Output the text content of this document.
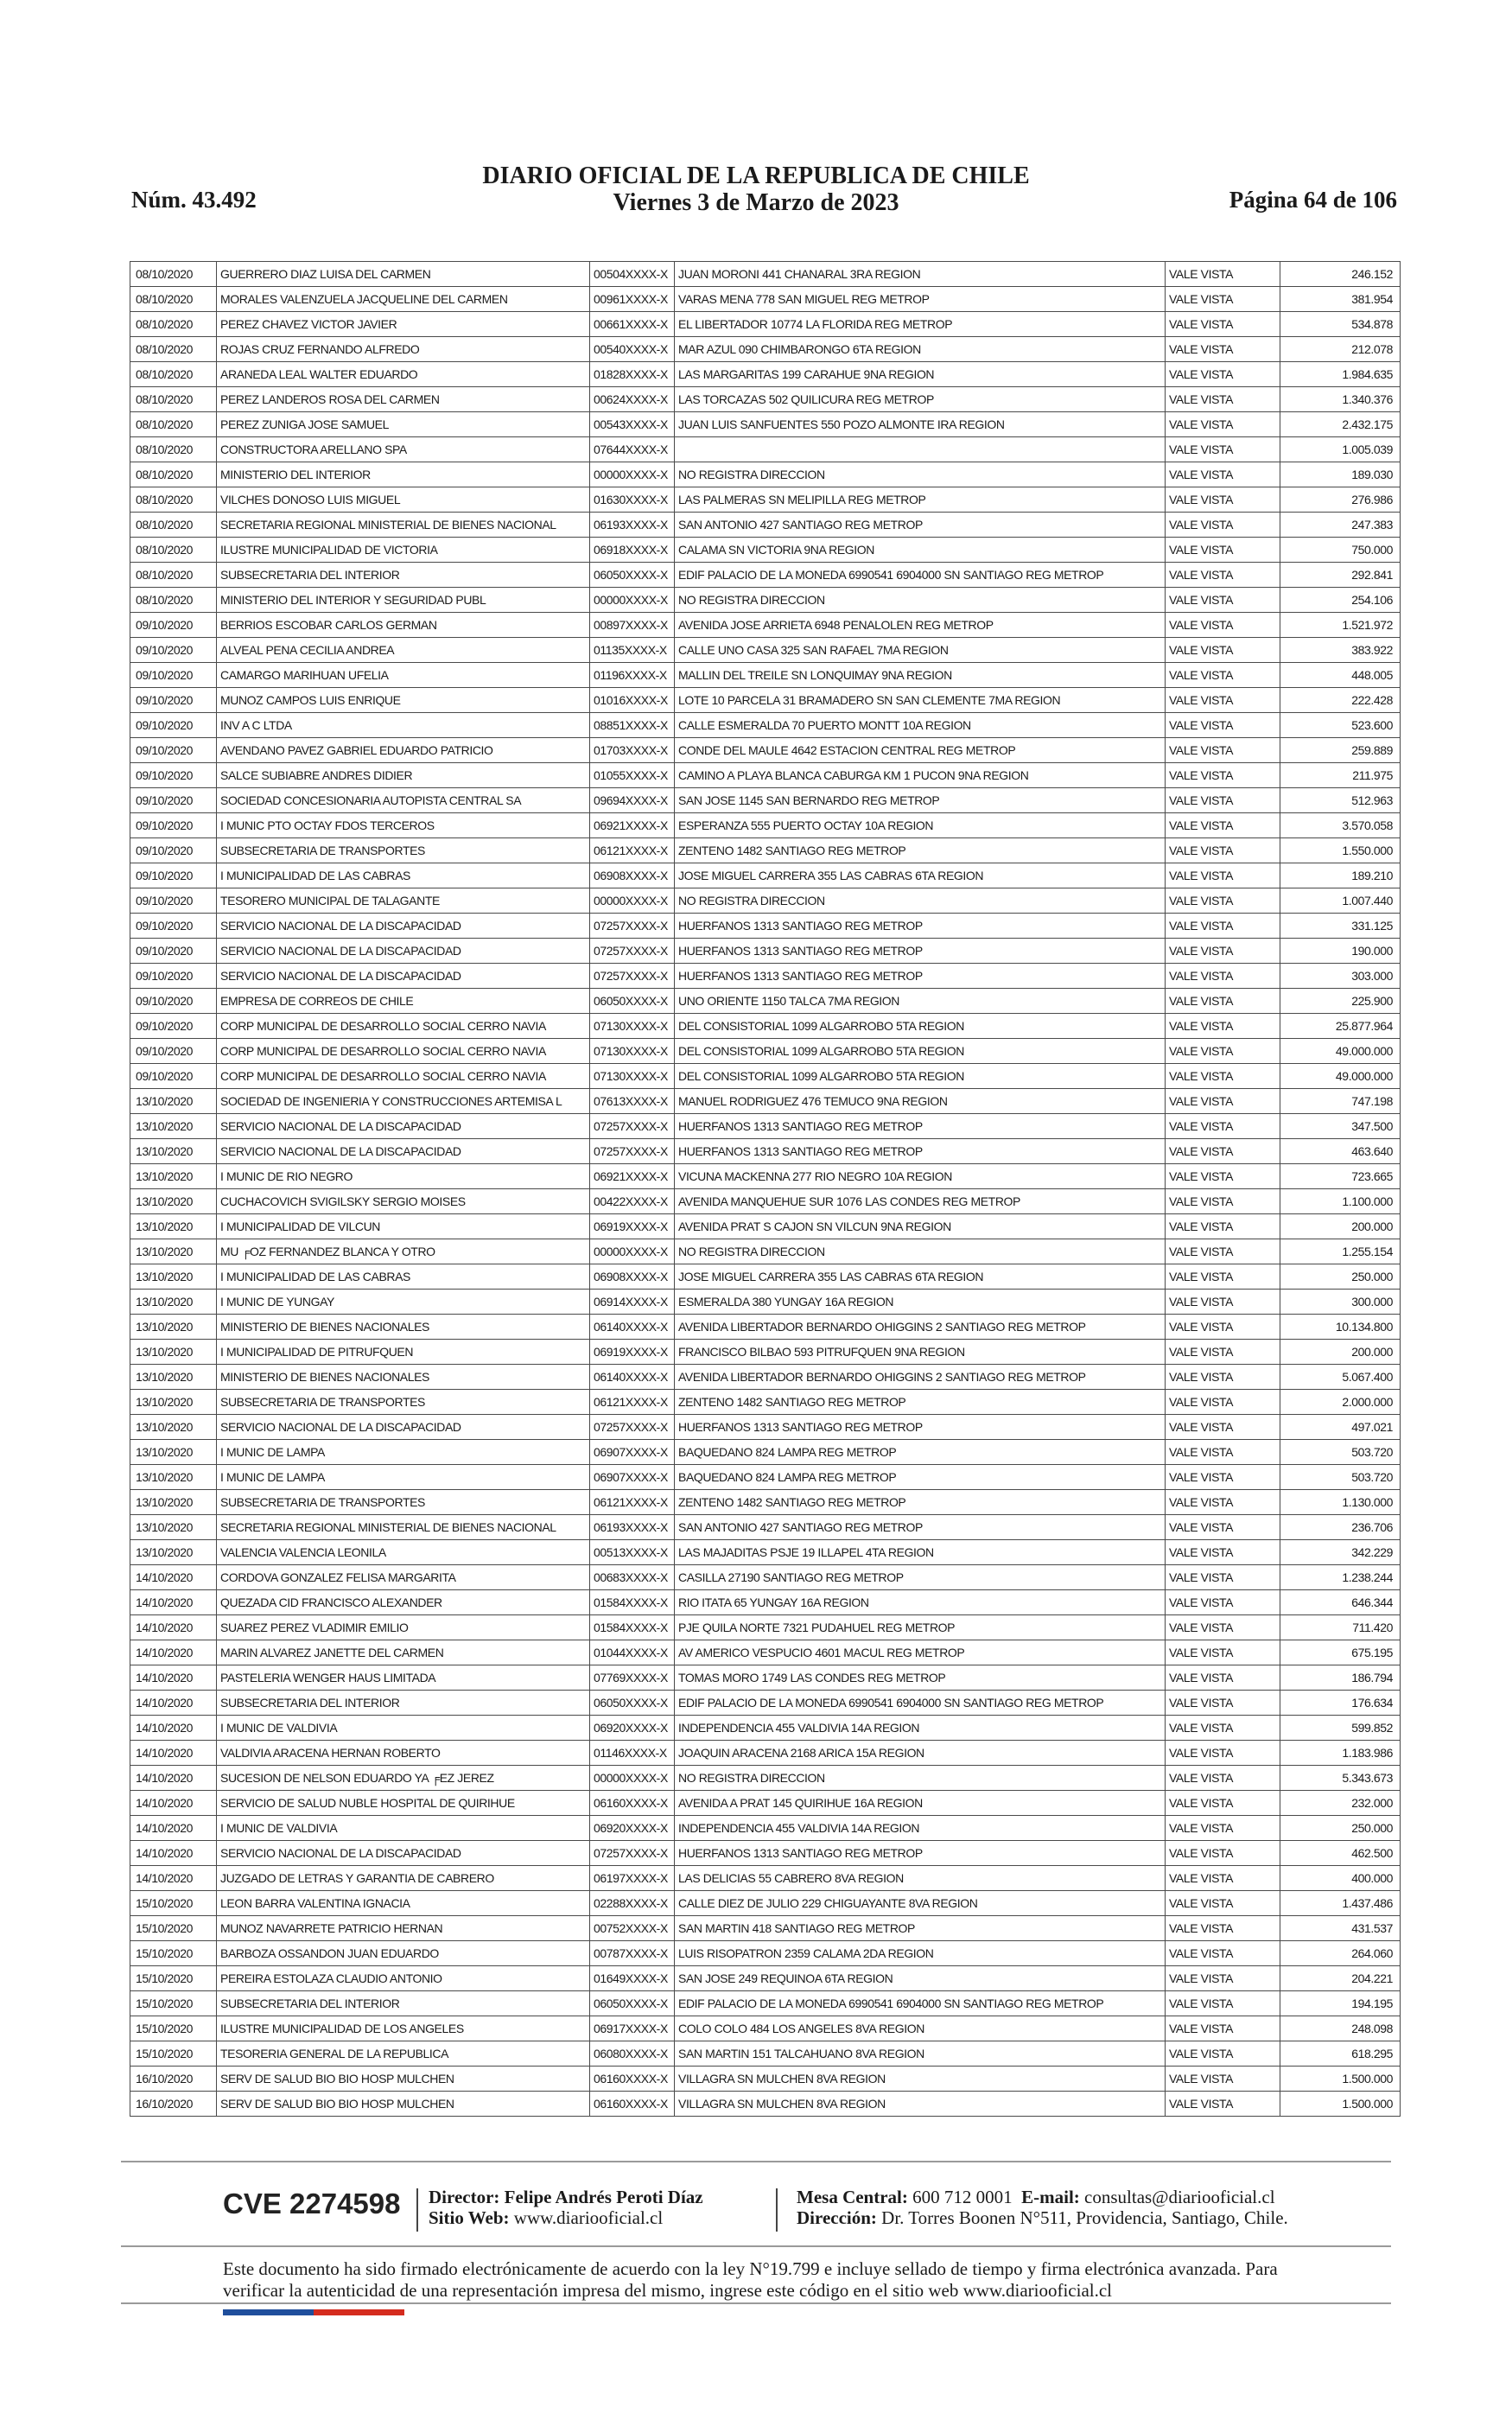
Núm. 43.492
DIARIO OFICIAL DE LA REPUBLICA DE CHILE
Viernes 3 de Marzo de 2023	Página 64 de 106
08/10/2020	GUERRERO DIAZ LUISA DEL CARMEN	00504XXXX-X	JUAN MORONI 441 CHANARAL 3RA REGION	VALE VISTA	246.152
08/10/2020	MORALES VALENZUELA JACQUELINE DEL CARMEN	00961XXXX-X	VARAS MENA 778 SAN MIGUEL REG METROP	VALE VISTA	381.954
08/10/2020	PEREZ CHAVEZ VICTOR JAVIER	00661XXXX-X	EL LIBERTADOR 10774 LA FLORIDA REG METROP	VALE VISTA	534.878
08/10/2020	ROJAS CRUZ FERNANDO ALFREDO	00540XXXX-X	MAR AZUL 090 CHIMBARONGO 6TA REGION	VALE VISTA	212.078
08/10/2020	ARANEDA LEAL WALTER EDUARDO	01828XXXX-X	LAS MARGARITAS 199 CARAHUE 9NA REGION	VALE VISTA	1.984.635
08/10/2020	PEREZ LANDEROS ROSA DEL CARMEN	00624XXXX-X	LAS TORCAZAS 502 QUILICURA REG METROP	VALE VISTA	1.340.376
08/10/2020	PEREZ ZUNIGA JOSE SAMUEL	00543XXXX-X	JUAN LUIS SANFUENTES 550 POZO ALMONTE IRA REGION	VALE VISTA	2.432.175
08/10/2020	CONSTRUCTORA ARELLANO SPA	07644XXXX-X		VALE VISTA	1.005.039
08/10/2020	MINISTERIO DEL INTERIOR	00000XXXX-X	NO REGISTRA DIRECCION	VALE VISTA	189.030
08/10/2020	VILCHES DONOSO LUIS MIGUEL	01630XXXX-X	LAS PALMERAS SN MELIPILLA REG METROP	VALE VISTA	276.986
08/10/2020	SECRETARIA REGIONAL MINISTERIAL DE BIENES NACIONAL	06193XXXX-X	SAN ANTONIO 427 SANTIAGO REG METROP	VALE VISTA	247.383
08/10/2020	ILUSTRE MUNICIPALIDAD DE VICTORIA	06918XXXX-X	CALAMA SN VICTORIA 9NA REGION	VALE VISTA	750.000
08/10/2020	SUBSECRETARIA DEL INTERIOR	06050XXXX-X	EDIF PALACIO DE LA MONEDA 6990541 6904000 SN SANTIAGO REG METROP	VALE VISTA	292.841
08/10/2020	MINISTERIO DEL INTERIOR Y SEGURIDAD PUBL	00000XXXX-X	NO REGISTRA DIRECCION	VALE VISTA	254.106
09/10/2020	BERRIOS ESCOBAR CARLOS GERMAN	00897XXXX-X	AVENIDA JOSE ARRIETA 6948 PENALOLEN REG METROP	VALE VISTA	1.521.972
09/10/2020	ALVEAL PENA CECILIA ANDREA	01135XXXX-X	CALLE UNO CASA 325 SAN RAFAEL 7MA REGION	VALE VISTA	383.922
09/10/2020	CAMARGO MARIHUAN UFELIA	01196XXXX-X	MALLIN DEL TREILE SN LONQUIMAY 9NA REGION	VALE VISTA	448.005
09/10/2020	MUNOZ CAMPOS LUIS ENRIQUE	01016XXXX-X	LOTE 10 PARCELA 31 BRAMADERO SN SAN CLEMENTE 7MA REGION	VALE VISTA	222.428
09/10/2020	INV A C LTDA	08851XXXX-X	CALLE ESMERALDA 70 PUERTO MONTT 10A REGION	VALE VISTA	523.600
09/10/2020	AVENDANO PAVEZ GABRIEL EDUARDO PATRICIO	01703XXXX-X	CONDE DEL MAULE 4642 ESTACION CENTRAL REG METROP	VALE VISTA	259.889
09/10/2020	SALCE SUBIABRE ANDRES DIDIER	01055XXXX-X	CAMINO A PLAYA BLANCA CABURGA KM 1 PUCON 9NA REGION	VALE VISTA	211.975
09/10/2020	SOCIEDAD CONCESIONARIA AUTOPISTA CENTRAL SA	09694XXXX-X	SAN JOSE 1145 SAN BERNARDO REG METROP	VALE VISTA	512.963
09/10/2020	I MUNIC PTO OCTAY FDOS TERCEROS	06921XXXX-X	ESPERANZA 555 PUERTO OCTAY 10A REGION	VALE VISTA	3.570.058
09/10/2020	SUBSECRETARIA DE TRANSPORTES	06121XXXX-X	ZENTENO 1482 SANTIAGO REG METROP	VALE VISTA	1.550.000
09/10/2020	I MUNICIPALIDAD DE LAS CABRAS	06908XXXX-X	JOSE MIGUEL CARRERA 355 LAS CABRAS 6TA REGION	VALE VISTA	189.210
09/10/2020	TESORERO MUNICIPAL DE TALAGANTE	00000XXXX-X	NO REGISTRA DIRECCION	VALE VISTA	1.007.440
09/10/2020	SERVICIO NACIONAL DE LA DISCAPACIDAD	07257XXXX-X	HUERFANOS 1313 SANTIAGO REG METROP	VALE VISTA	331.125
09/10/2020	SERVICIO NACIONAL DE LA DISCAPACIDAD	07257XXXX-X	HUERFANOS 1313 SANTIAGO REG METROP	VALE VISTA	190.000
09/10/2020	SERVICIO NACIONAL DE LA DISCAPACIDAD	07257XXXX-X	HUERFANOS 1313 SANTIAGO REG METROP	VALE VISTA	303.000
09/10/2020	EMPRESA DE CORREOS DE CHILE	06050XXXX-X	UNO ORIENTE 1150 TALCA 7MA REGION	VALE VISTA	225.900
09/10/2020	CORP MUNICIPAL DE DESARROLLO SOCIAL CERRO NAVIA	07130XXXX-X	DEL CONSISTORIAL 1099 ALGARROBO 5TA REGION	VALE VISTA	25.877.964
09/10/2020	CORP MUNICIPAL DE DESARROLLO SOCIAL CERRO NAVIA	07130XXXX-X	DEL CONSISTORIAL 1099 ALGARROBO 5TA REGION	VALE VISTA	49.000.000
09/10/2020	CORP MUNICIPAL DE DESARROLLO SOCIAL CERRO NAVIA	07130XXXX-X	DEL CONSISTORIAL 1099 ALGARROBO 5TA REGION	VALE VISTA	49.000.000
13/10/2020	SOCIEDAD DE INGENIERIA Y CONSTRUCCIONES ARTEMISA L	07613XXXX-X	MANUEL RODRIGUEZ 476 TEMUCO 9NA REGION	VALE VISTA	747.198
13/10/2020	SERVICIO NACIONAL DE LA DISCAPACIDAD	07257XXXX-X	HUERFANOS 1313 SANTIAGO REG METROP	VALE VISTA	347.500
13/10/2020	SERVICIO NACIONAL DE LA DISCAPACIDAD	07257XXXX-X	HUERFANOS 1313 SANTIAGO REG METROP	VALE VISTA	463.640
13/10/2020	I MUNIC DE RIO NEGRO	06921XXXX-X	VICUNA MACKENNA 277 RIO NEGRO 10A REGION	VALE VISTA	723.665
13/10/2020	CUCHACOVICH SVIGILSKY SERGIO MOISES	00422XXXX-X	AVENIDA MANQUEHUE SUR 1076 LAS CONDES REG METROP	VALE VISTA	1.100.000
13/10/2020	I MUNICIPALIDAD DE VILCUN	06919XXXX-X	AVENIDA PRAT S CAJON SN VILCUN 9NA REGION	VALE VISTA	200.000
13/10/2020	MU ╒OZ FERNANDEZ BLANCA Y OTRO	00000XXXX-X	NO REGISTRA DIRECCION	VALE VISTA	1.255.154
13/10/2020	I MUNICIPALIDAD DE LAS CABRAS	06908XXXX-X	JOSE MIGUEL CARRERA 355 LAS CABRAS 6TA REGION	VALE VISTA	250.000
13/10/2020	I MUNIC DE YUNGAY	06914XXXX-X	ESMERALDA 380 YUNGAY 16A REGION	VALE VISTA	300.000
13/10/2020	MINISTERIO DE BIENES NACIONALES	06140XXXX-X	AVENIDA LIBERTADOR BERNARDO OHIGGINS 2 SANTIAGO REG METROP	VALE VISTA	10.134.800
13/10/2020	I MUNICIPALIDAD DE PITRUFQUEN	06919XXXX-X	FRANCISCO BILBAO 593 PITRUFQUEN 9NA REGION	VALE VISTA	200.000
13/10/2020	MINISTERIO DE BIENES NACIONALES	06140XXXX-X	AVENIDA LIBERTADOR BERNARDO OHIGGINS 2 SANTIAGO REG METROP	VALE VISTA	5.067.400
13/10/2020	SUBSECRETARIA DE TRANSPORTES	06121XXXX-X	ZENTENO 1482 SANTIAGO REG METROP	VALE VISTA	2.000.000
13/10/2020	SERVICIO NACIONAL DE LA DISCAPACIDAD	07257XXXX-X	HUERFANOS 1313 SANTIAGO REG METROP	VALE VISTA	497.021
13/10/2020	I MUNIC DE LAMPA	06907XXXX-X	BAQUEDANO 824 LAMPA REG METROP	VALE VISTA	503.720
13/10/2020	I MUNIC DE LAMPA	06907XXXX-X	BAQUEDANO 824 LAMPA REG METROP	VALE VISTA	503.720
13/10/2020	SUBSECRETARIA DE TRANSPORTES	06121XXXX-X	ZENTENO 1482 SANTIAGO REG METROP	VALE VISTA	1.130.000
13/10/2020	SECRETARIA REGIONAL MINISTERIAL DE BIENES NACIONAL	06193XXXX-X	SAN ANTONIO 427 SANTIAGO REG METROP	VALE VISTA	236.706
13/10/2020	VALENCIA VALENCIA LEONILA	00513XXXX-X	LAS MAJADITAS PSJE 19 ILLAPEL 4TA REGION	VALE VISTA	342.229
14/10/2020	CORDOVA GONZALEZ FELISA MARGARITA	00683XXXX-X	CASILLA 27190 SANTIAGO REG METROP	VALE VISTA	1.238.244
14/10/2020	QUEZADA CID FRANCISCO ALEXANDER	01584XXXX-X	RIO ITATA 65 YUNGAY 16A REGION	VALE VISTA	646.344
14/10/2020	SUAREZ PEREZ VLADIMIR EMILIO	01584XXXX-X	PJE QUILA NORTE 7321 PUDAHUEL REG METROP	VALE VISTA	711.420
14/10/2020	MARIN ALVAREZ JANETTE DEL CARMEN	01044XXXX-X	AV AMERICO VESPUCIO 4601 MACUL REG METROP	VALE VISTA	675.195
14/10/2020	PASTELERIA WENGER HAUS LIMITADA	07769XXXX-X	TOMAS MORO 1749 LAS CONDES REG METROP	VALE VISTA	186.794
14/10/2020	SUBSECRETARIA DEL INTERIOR	06050XXXX-X	EDIF PALACIO DE LA MONEDA 6990541 6904000 SN SANTIAGO REG METROP	VALE VISTA	176.634
14/10/2020	I MUNIC DE VALDIVIA	06920XXXX-X	INDEPENDENCIA 455 VALDIVIA 14A REGION	VALE VISTA	599.852
14/10/2020	VALDIVIA ARACENA HERNAN ROBERTO	01146XXXX-X	JOAQUIN ARACENA 2168 ARICA 15A REGION	VALE VISTA	1.183.986
14/10/2020	SUCESION DE NELSON EDUARDO YA ╒EZ JEREZ	00000XXXX-X	NO REGISTRA DIRECCION	VALE VISTA	5.343.673
14/10/2020	SERVICIO DE SALUD NUBLE HOSPITAL DE QUIRIHUE	06160XXXX-X	AVENIDA A PRAT 145 QUIRIHUE 16A REGION	VALE VISTA	232.000
14/10/2020	I MUNIC DE VALDIVIA	06920XXXX-X	INDEPENDENCIA 455 VALDIVIA 14A REGION	VALE VISTA	250.000
14/10/2020	SERVICIO NACIONAL DE LA DISCAPACIDAD	07257XXXX-X	HUERFANOS 1313 SANTIAGO REG METROP	VALE VISTA	462.500
14/10/2020	JUZGADO DE LETRAS Y GARANTIA DE CABRERO	06197XXXX-X	LAS DELICIAS 55 CABRERO 8VA REGION	VALE VISTA	400.000
15/10/2020	LEON BARRA VALENTINA IGNACIA	02288XXXX-X	CALLE DIEZ DE JULIO 229 CHIGUAYANTE 8VA REGION	VALE VISTA	1.437.486
15/10/2020	MUNOZ NAVARRETE PATRICIO HERNAN	00752XXXX-X	SAN MARTIN 418 SANTIAGO REG METROP	VALE VISTA	431.537
15/10/2020	BARBOZA OSSANDON JUAN EDUARDO	00787XXXX-X	LUIS RISOPATRON 2359 CALAMA 2DA REGION	VALE VISTA	264.060
15/10/2020	PEREIRA ESTOLAZA CLAUDIO ANTONIO	01649XXXX-X	SAN JOSE 249 REQUINOA 6TA REGION	VALE VISTA	204.221
15/10/2020	SUBSECRETARIA DEL INTERIOR	06050XXXX-X	EDIF PALACIO DE LA MONEDA 6990541 6904000 SN SANTIAGO REG METROP	VALE VISTA	194.195
15/10/2020	ILUSTRE MUNICIPALIDAD DE LOS ANGELES	06917XXXX-X	COLO COLO 484 LOS ANGELES 8VA REGION	VALE VISTA	248.098
15/10/2020	TESORERIA GENERAL DE LA REPUBLICA	06080XXXX-X	SAN MARTIN 151 TALCAHUANO 8VA REGION	VALE VISTA	618.295
16/10/2020	SERV DE SALUD BIO BIO HOSP MULCHEN	06160XXXX-X	VILLAGRA SN MULCHEN 8VA REGION	VALE VISTA	1.500.000
16/10/2020	SERV DE SALUD BIO BIO HOSP MULCHEN	06160XXXX-X	VILLAGRA SN MULCHEN 8VA REGION	VALE VISTA	1.500.000
CVE 2274598 Director: Felipe Andrés Peroti Díaz
Sitio Web: www.diariooficial.cl
Mesa Central: 600 712 0001 E-mail: consultas@diariooficial.cl
Dirección: Dr. Torres Boonen N°511, Providencia, Santiago, Chile.
Este documento ha sido firmado electrónicamente de acuerdo con la ley N°19.799 e incluye sellado de tiempo y firma electrónica avanzada. Para verificar la autenticidad de una representación impresa del mismo, ingrese este código en el sitio web www.diariooficial.cl
